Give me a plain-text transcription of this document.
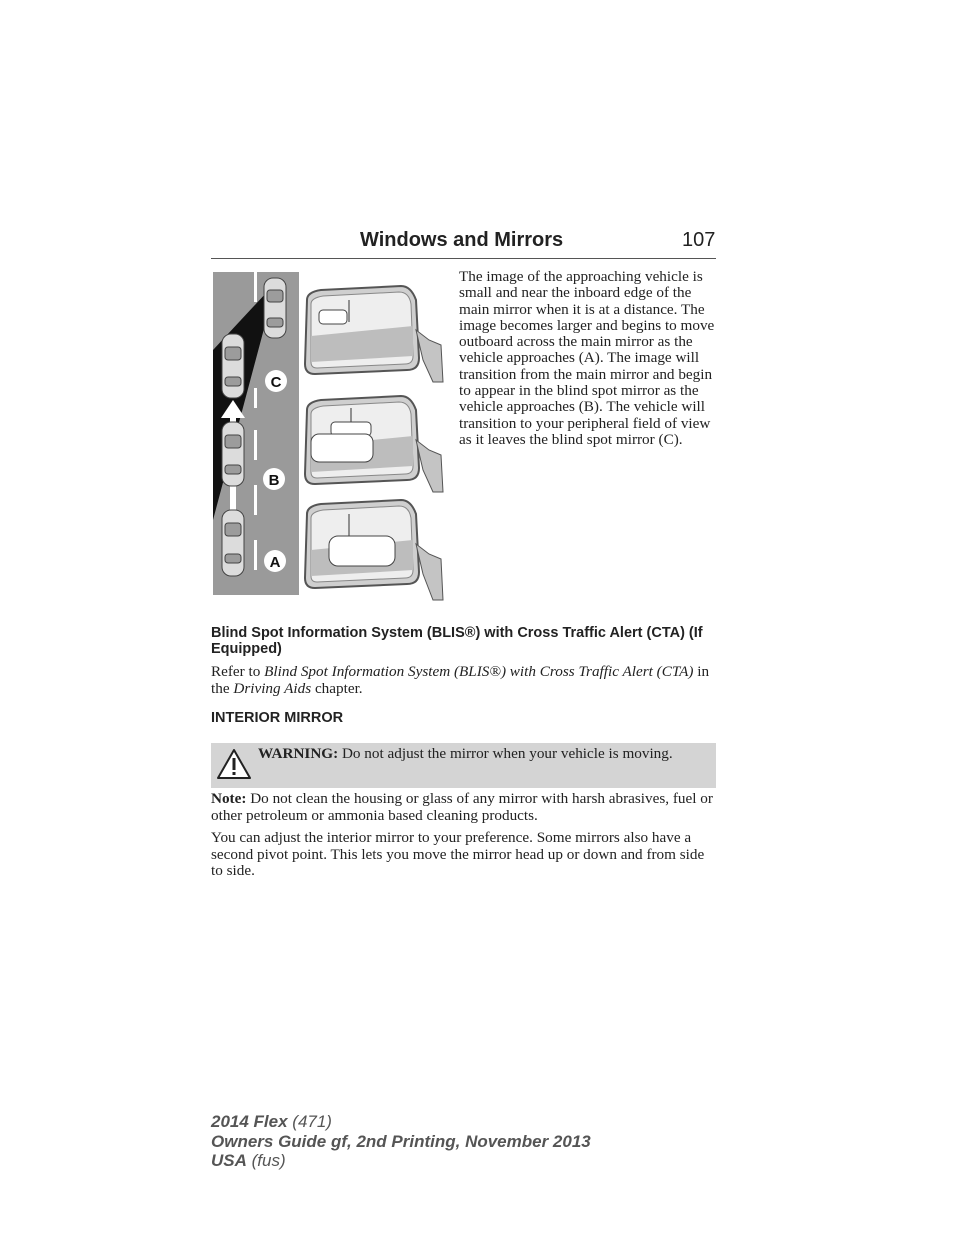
Windows and Mirrors	107
C
B
A
The image of the approaching vehicle is small and near the inboard edge of the main mirror when it is at a distance. The image becomes larger and begins to move outboard across the main mirror as the vehicle approaches (A). The image will transition from the main mirror and begin to appear in the blind spot mirror as the vehicle approaches (B). The vehicle will transition to your peripheral field of view as it leaves the blind spot mirror (C).
Blind Spot Information System (BLIS®) with Cross Traffic Alert (CTA) (If Equipped)
Refer to Blind Spot Information System (BLIS®) with Cross Traffic Alert (CTA) in the Driving Aids chapter.
INTERIOR MIRROR
WARNING: Do not adjust the mirror when your vehicle is moving.
Note: Do not clean the housing or glass of any mirror with harsh abrasives, fuel or other petroleum or ammonia based cleaning products.
You can adjust the interior mirror to your preference. Some mirrors also have a second pivot point. This lets you move the mirror head up or down and from side to side.
2014 Flex (471)
Owners Guide gf, 2nd Printing, November 2013
USA (fus)
